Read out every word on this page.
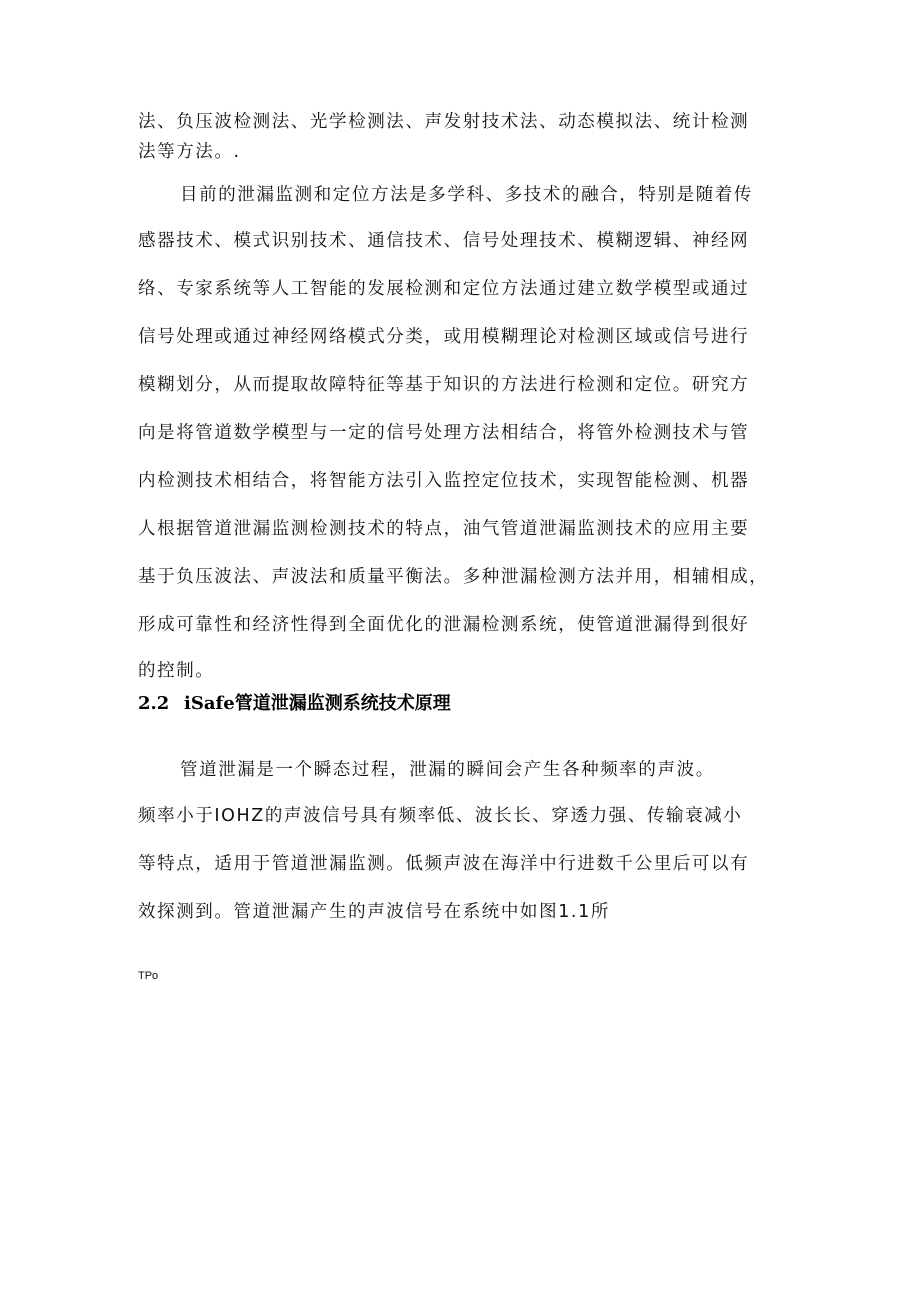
法、负压波检测法、光学检测法、声发射技术法、动态模拟法、统计检测
法等方法。.
目前的泄漏监测和定位方法是多学科、多技术的融合，特别是随着传
感器技术、模式识别技术、通信技术、信号处理技术、模糊逻辑、神经网
络、专家系统等人工智能的发展检测和定位方法通过建立数学模型或通过
信号处理或通过神经网络模式分类，或用模糊理论对检测区域或信号进行
模糊划分，从而提取故障特征等基于知识的方法进行检测和定位。研究方
向是将管道数学模型与一定的信号处理方法相结合，将管外检测技术与管
内检测技术相结合，将智能方法引入监控定位技术，实现智能检测、机器
人根据管道泄漏监测检测技术的特点，油气管道泄漏监测技术的应用主要
基于负压波法、声波法和质量平衡法。多种泄漏检测方法并用，相辅相成，
形成可靠性和经济性得到全面优化的泄漏检测系统，使管道泄漏得到很好
的控制。
2.2 iSafe管道泄漏监测系统技术原理
管道泄漏是一个瞬态过程，泄漏的瞬间会产生各种频率的声波。
频率小于IOHZ的声波信号具有频率低、波长长、穿透力强、传输衰减小
等特点，适用于管道泄漏监测。低频声波在海洋中行进数千公里后可以有
效探测到。管道泄漏产生的声波信号在系统中如图1.1所
TPo
